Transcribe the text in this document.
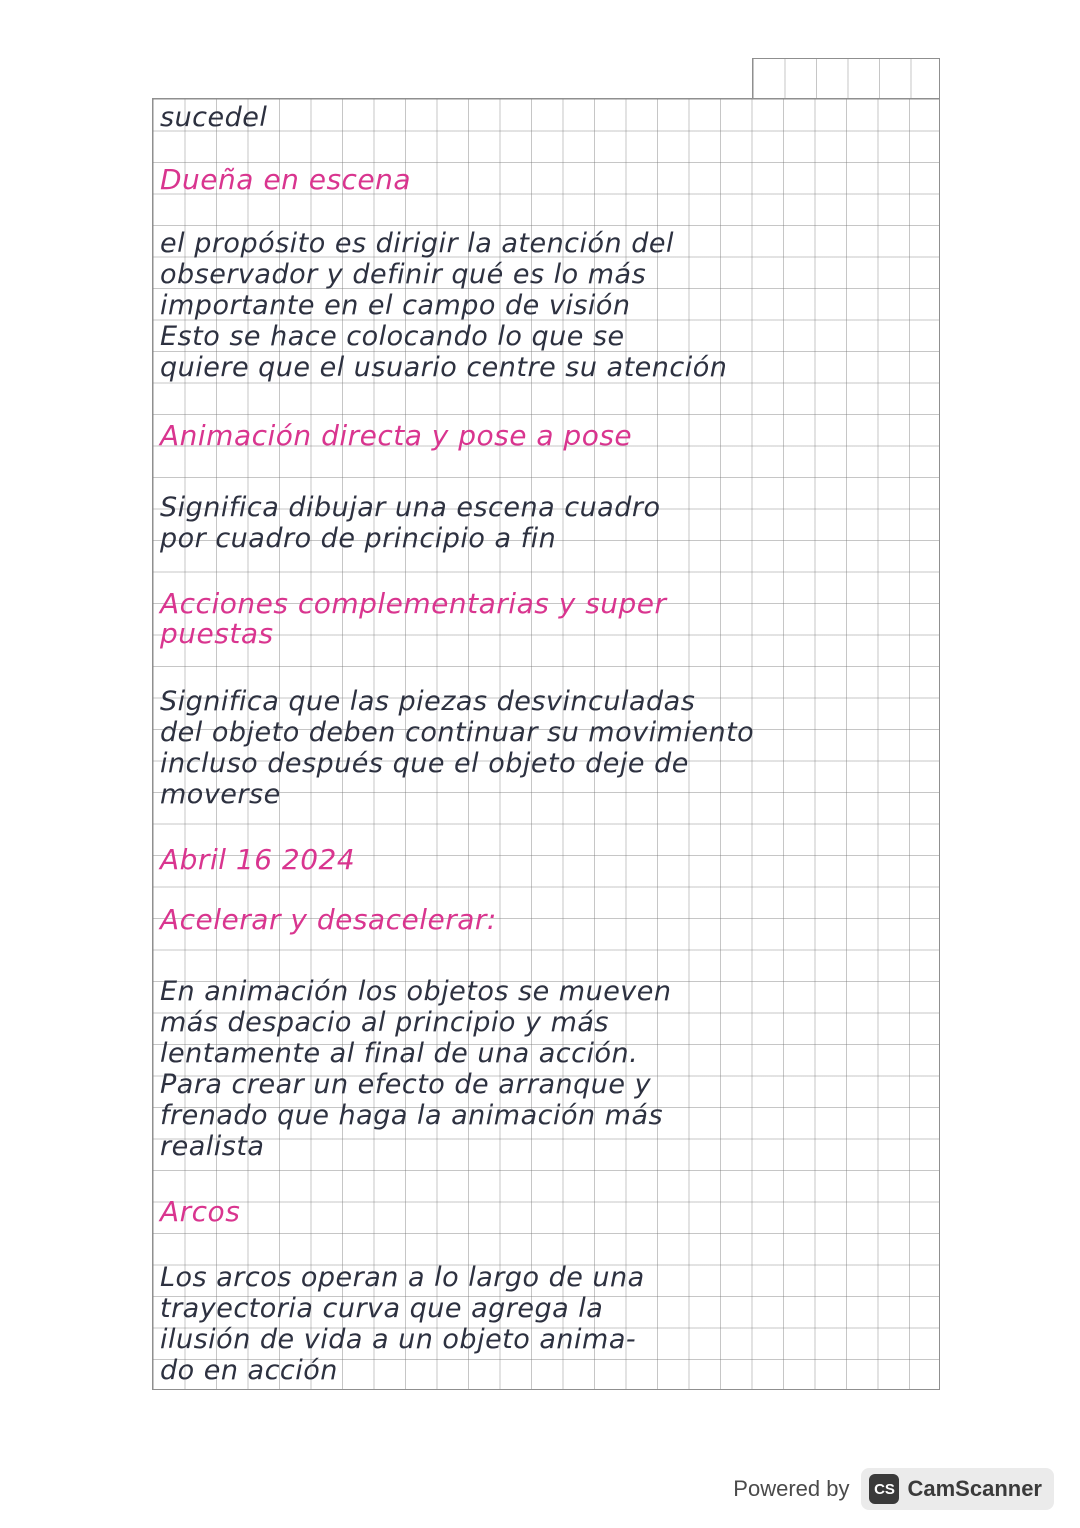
sucedel

Dueña en escena

el propósito es dirigir la atención del

observador y definir qué es lo más

importante en el campo de visión

Esto se hace colocando lo que se

quiere que el usuario centre su atención

Animación directa y pose a pose

Significa dibujar una escena cuadro

por cuadro de principio a fin

Acciones complementarias y super

puestas

Significa que las piezas desvinculadas

del objeto deben continuar su movimiento

incluso después que el objeto deje de

moverse

Abril 16 2024

Acelerar y desacelerar:

En animación los objetos se mueven

más despacio al principio y más

lentamente al final de una acción.

Para crear un efecto de arranque y

frenado que haga la animación más

realista

Arcos

Los arcos operan a lo largo de una

trayectoria curva que agrega la

ilusión de vida a un objeto anima-

do en acción

Powered by	CS CamScanner
